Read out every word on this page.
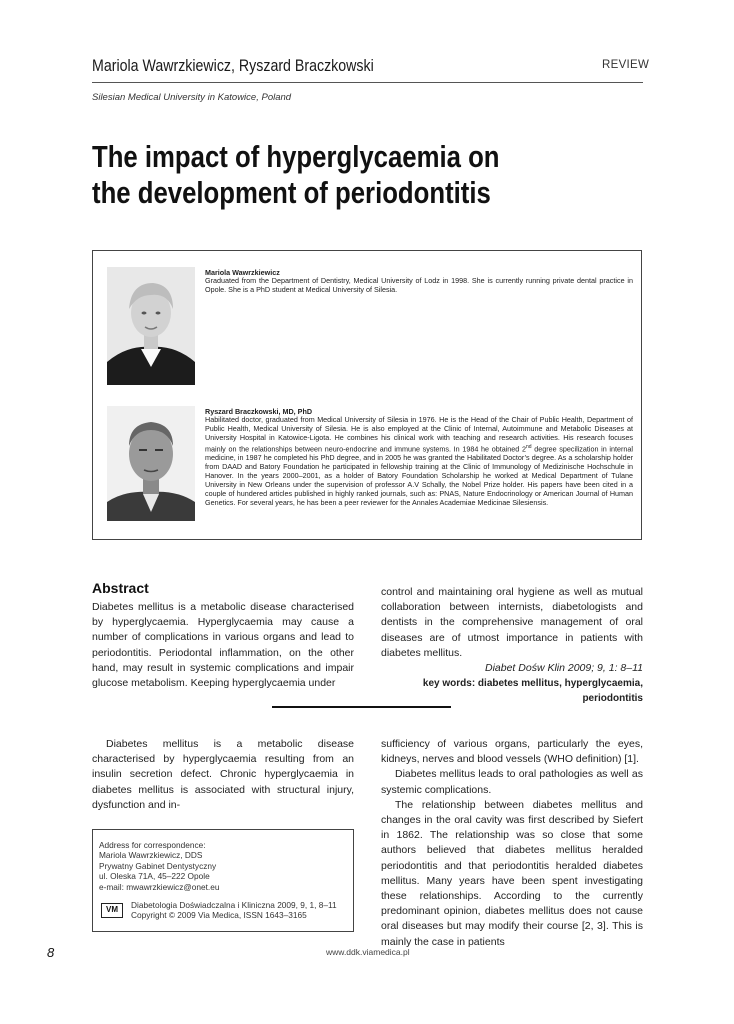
Mariola Wawrzkiewicz, Ryszard Braczkowski	REVIEW
Silesian Medical University in Katowice, Poland
The impact of hyperglycaemia on
the development of periodontitis
Mariola Wawrzkiewicz
Graduated from the Department of Dentistry, Medical University of Lodz in 1998. She is currently running private dental practice in Opole. She is a PhD student at Medical University of Silesia.
Ryszard Braczkowski, MD, PhD
Habilitated doctor, graduated from Medical University of Silesia in 1976. He is the Head of the Chair of Public Health, Department of Public Health, Medical University of Silesia. He is also employed at the Clinic of Internal, Autoimmune and Metabolic Diseases at University Hospital in Katowice-Ligota. He combines his clinical work with teaching and research activities. His research focuses mainly on the relationships between neuro-endocrine and immune systems. In 1984 he obtained 2nd degree specilization in internal medicine, in 1987 he completed his PhD degree, and in 2005 he was granted the Habilitated Doctor’s degree. As a scholarship holder from DAAD and Batory Foundation he participated in fellowship training at the Clinic of Immunology of Medizinische Hochschule in Hanover. In the years 2000–2001, as a holder of Batory Foundation Scholarship he worked at Medical Department of Tulane University in New Orleans under the supervision of professor A.V Schally, the Nobel Prize holder. His papers have been cited in a couple of hundered articles published in highly ranked journals, such as: PNAS, Nature Endocrinology or American Journal of Human Genetics. For several years, he has been a peer reviewer for the Annales Academiae Medicinae Silesiensis.
Abstract
Diabetes mellitus is a metabolic disease characterised by hyperglycaemia. Hyperglycaemia may cause a number of complications in various organs and lead to periodontitis. Periodontal inflammation, on the other hand, may result in systemic complications and impair glucose metabolism. Keeping hyperglycaemia under
control and maintaining oral hygiene as well as mutual collaboration between internists, diabetologists and dentists in the comprehensive management of oral diseases are of utmost importance in patients with diabetes mellitus.
Diabet Dośw Klin 2009; 9, 1: 8–11
key words: diabetes mellitus, hyperglycaemia, periodontitis

Diabetes mellitus is a metabolic disease characterised by hyperglycaemia resulting from an insulin secretion defect. Chronic hyperglycaemia in diabetes mellitus is associated with structural injury, dysfunction and in-

sufficiency of various organs, particularly the eyes, kidneys, nerves and blood vessels (WHO definition) [1].

Diabetes mellitus leads to oral pathologies as well as systemic complications.

The relationship between diabetes mellitus and changes in the oral cavity was first described by Siefert in 1862. The relationship was so close that some authors believed that diabetes mellitus heralded periodontitis and that periodontitis heralded diabetes mellitus. Many years have been spent investigating these relationships. According to the currently predominant opinion, diabetes mellitus does not cause oral diseases but may modify their course [2, 3]. This is mainly the case in patients

Address for correspondence:
Mariola Wawrzkiewicz, DDS
Prywatny Gabinet Dentystyczny
ul. Oleska 71A, 45–222 Opole
e-mail: mwawrzkiewicz@onet.eu
VM	Diabetologia Doświadczalna i Kliniczna 2009, 9, 1, 8–11
Copyright © 2009 Via Medica, ISSN 1643–3165
8	www.ddk.viamedica.pl
